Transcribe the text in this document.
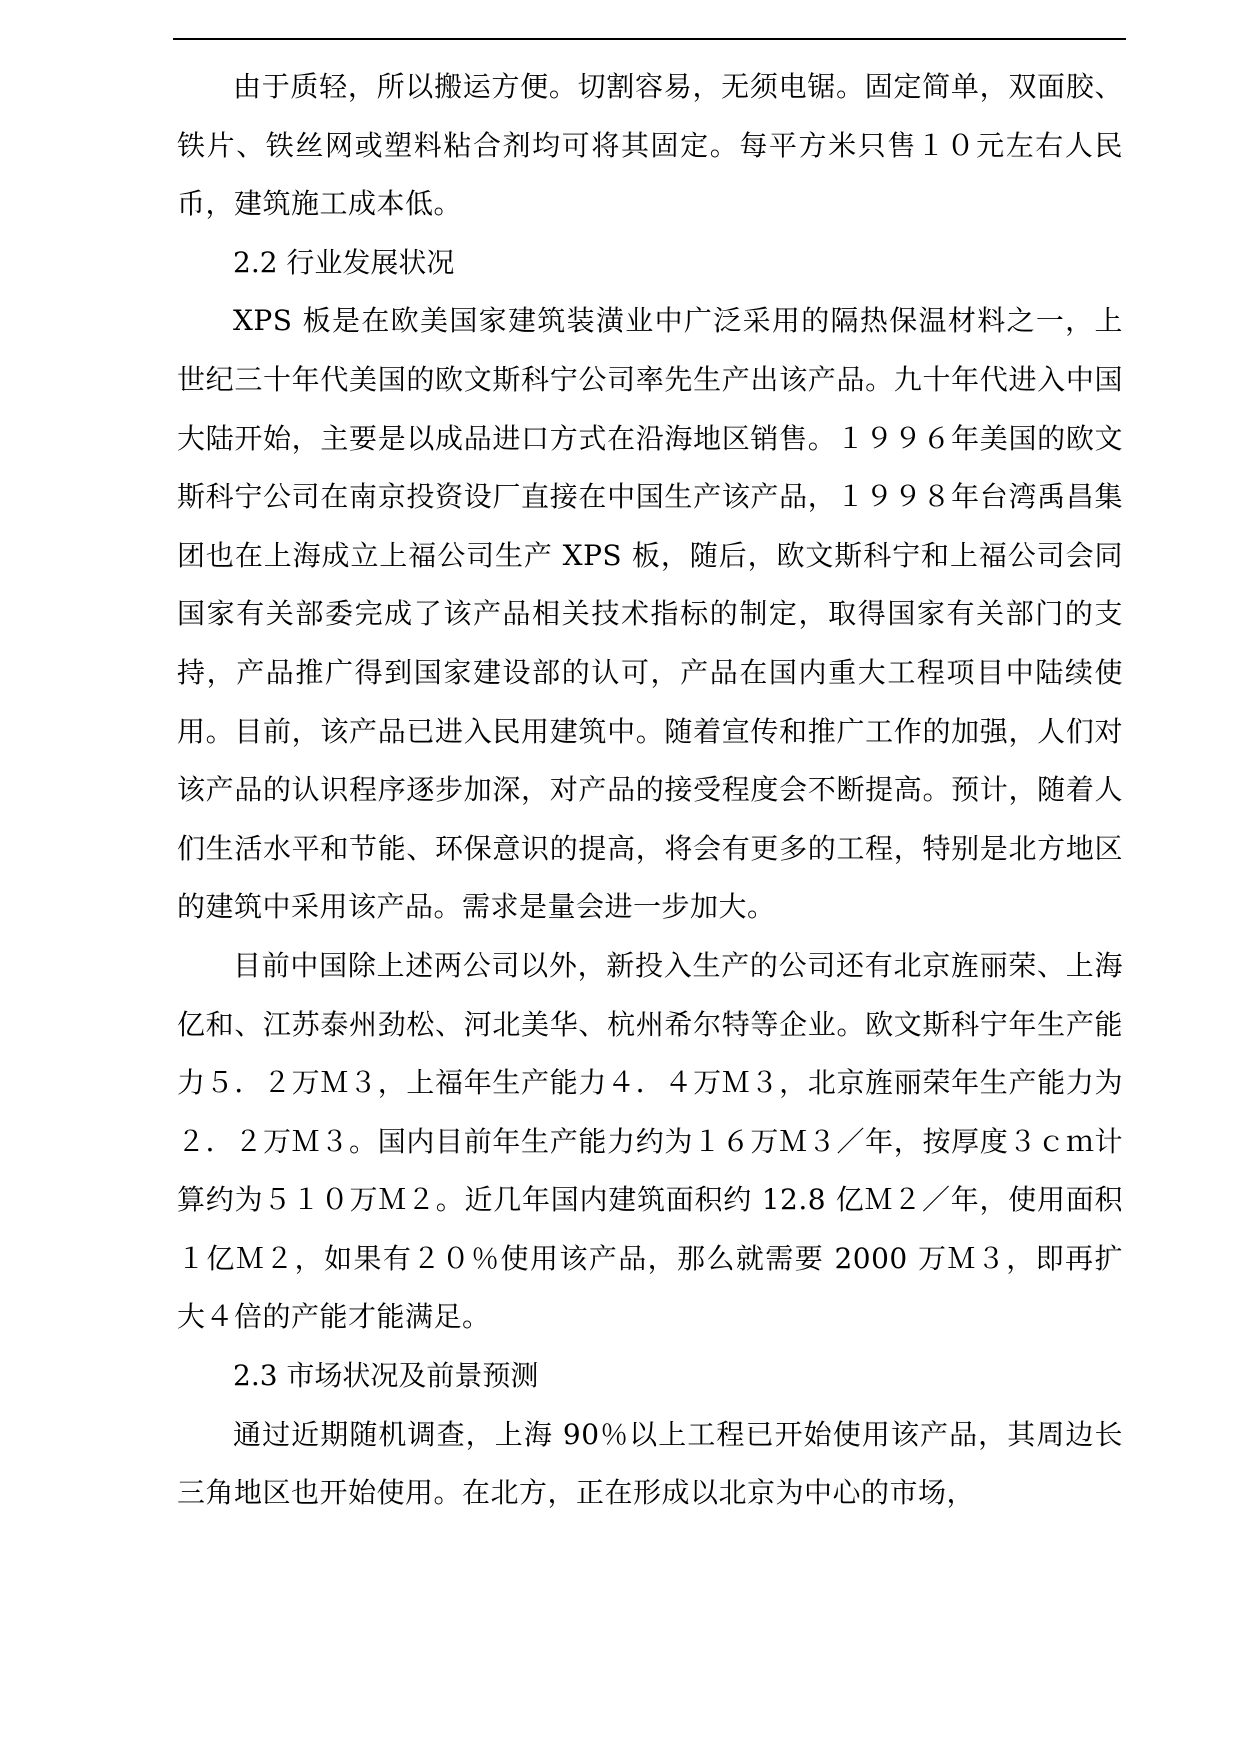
由于质轻，所以搬运方便。切割容易，无须电锯。固定简单，双面胶、铁片、铁丝网或塑料粘合剂均可将其固定。每平方米只售１０元左右人民币，建筑施工成本低。

2.2 行业发展状况

XPS 板是在欧美国家建筑装潢业中广泛采用的隔热保温材料之一，上世纪三十年代美国的欧文斯科宁公司率先生产出该产品。九十年代进入中国大陆开始，主要是以成品进口方式在沿海地区销售。１９９６年美国的欧文斯科宁公司在南京投资设厂直接在中国生产该产品，１９９８年台湾禹昌集团也在上海成立上福公司生产 XPS 板，随后，欧文斯科宁和上福公司会同国家有关部委完成了该产品相关技术指标的制定，取得国家有关部门的支持，产品推广得到国家建设部的认可，产品在国内重大工程项目中陆续使用。目前，该产品已进入民用建筑中。随着宣传和推广工作的加强，人们对该产品的认识程序逐步加深，对产品的接受程度会不断提高。预计，随着人们生活水平和节能、环保意识的提高，将会有更多的工程，特别是北方地区的建筑中采用该产品。需求是量会进一步加大。

目前中国除上述两公司以外，新投入生产的公司还有北京旌丽荣、上海亿和、江苏泰州劲松、河北美华、杭州希尔特等企业。欧文斯科宁年生产能力５．２万Ｍ３，上福年生产能力４．４万Ｍ３，北京旌丽荣年生产能力为２．２万Ｍ３。国内目前年生产能力约为１６万Ｍ３／年，按厚度３ｃｍ计算约为５１０万Ｍ２。近几年国内建筑面积约 12.8 亿Ｍ２／年，使用面积１亿Ｍ２，如果有２０％使用该产品，那么就需要 2000 万Ｍ３，即再扩大４倍的产能才能满足。

2.3 市场状况及前景预测

通过近期随机调查，上海 90％以上工程已开始使用该产品，其周边长三角地区也开始使用。在北方，正在形成以北京为中心的市场，
